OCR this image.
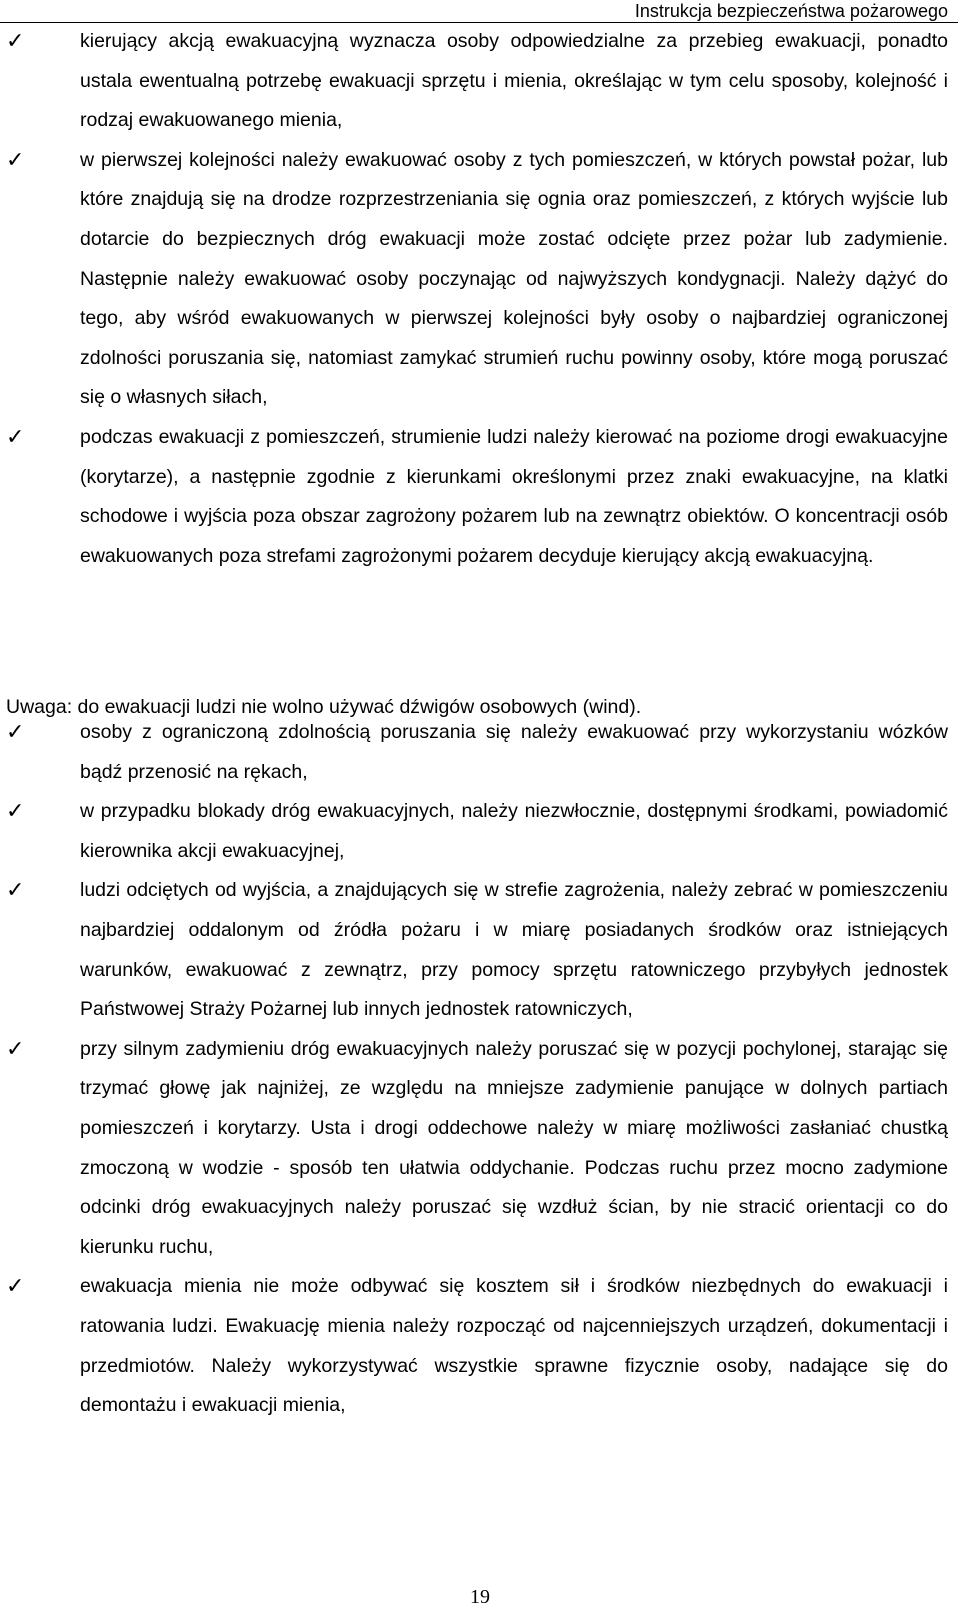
Instrukcja bezpieczeństwa pożarowego
✓	kierujący akcją ewakuacyjną wyznacza osoby odpowiedzialne za przebieg ewakuacji, ponadto ustala ewentualną potrzebę ewakuacji sprzętu i mienia, określając w tym celu sposoby, kolejność i rodzaj ewakuowanego mienia,
✓	w pierwszej kolejności należy ewakuować osoby z tych pomieszczeń, w których powstał pożar, lub które znajdują się na drodze rozprzestrzeniania się ognia oraz pomieszczeń, z których wyjście lub dotarcie do bezpiecznych dróg ewakuacji może zostać odcięte przez pożar lub zadymienie. Następnie należy ewakuować osoby poczynając od najwyższych kondygnacji. Należy dążyć do tego, aby wśród ewakuowanych w pierwszej kolejności były osoby o najbardziej ograniczonej zdolności poruszania się, natomiast zamykać strumień ruchu powinny osoby, które mogą poruszać się o własnych siłach,
✓	podczas ewakuacji z pomieszczeń, strumienie ludzi należy kierować na poziome drogi ewakuacyjne (korytarze), a następnie zgodnie z kierunkami określonymi przez znaki ewakuacyjne, na klatki schodowe i wyjścia poza obszar zagrożony pożarem lub na zewnątrz obiektów. O koncentracji osób ewakuowanych poza strefami zagrożonymi pożarem decyduje kierujący akcją ewakuacyjną.

Uwaga: do ewakuacji ludzi nie wolno używać dźwigów osobowych (wind).

✓	osoby z ograniczoną zdolnością poruszania się należy ewakuować przy wykorzystaniu wózków bądź przenosić na rękach,
✓	w przypadku blokady dróg ewakuacyjnych, należy niezwłocznie, dostępnymi środkami, powiadomić kierownika akcji ewakuacyjnej,
✓	ludzi odciętych od wyjścia, a znajdujących się w strefie zagrożenia, należy zebrać w pomieszczeniu najbardziej oddalonym od źródła pożaru i w miarę posiadanych środków oraz istniejących warunków, ewakuować z zewnątrz, przy pomocy sprzętu ratowniczego przybyłych jednostek Państwowej Straży Pożarnej lub innych jednostek ratowniczych,
✓	przy silnym zadymieniu dróg ewakuacyjnych należy poruszać się w pozycji pochylonej, starając się trzymać głowę jak najniżej, ze względu na mniejsze zadymienie panujące w dolnych partiach pomieszczeń i korytarzy. Usta i drogi oddechowe należy w miarę możliwości zasłaniać chustką zmoczoną w wodzie - sposób ten ułatwia oddychanie. Podczas ruchu przez mocno zadymione odcinki dróg ewakuacyjnych należy poruszać się wzdłuż ścian, by nie stracić orientacji co do kierunku ruchu,
✓	ewakuacja mienia nie może odbywać się kosztem sił i środków niezbędnych do ewakuacji i ratowania ludzi. Ewakuację mienia należy rozpocząć od najcenniejszych urządzeń, dokumentacji i przedmiotów. Należy wykorzystywać wszystkie sprawne fizycznie osoby, nadające się do demontażu i ewakuacji mienia,
19
